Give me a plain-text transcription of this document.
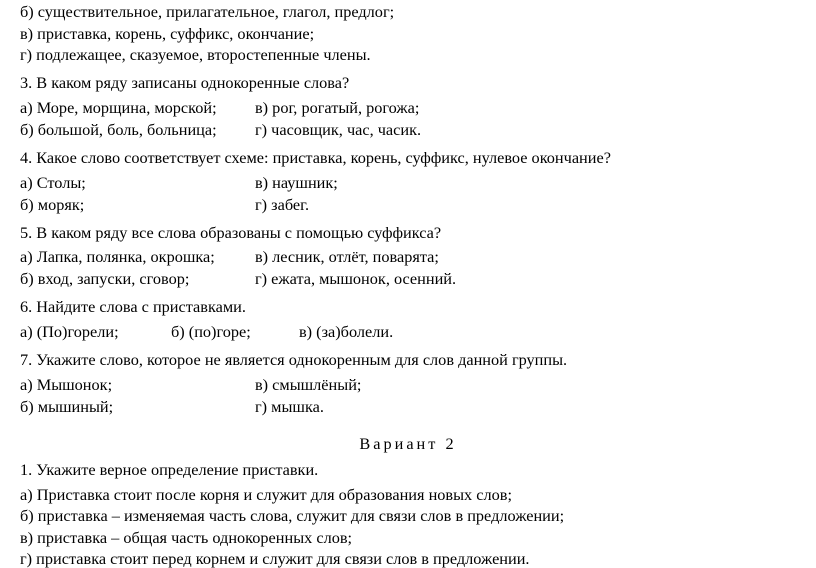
б) существительное, прилагательное, глагол, предлог;
в) приставка, корень, суффикс, окончание;
г) подлежащее, сказуемое, второстепенные члены.
3. В каком ряду записаны однокоренные слова?
а) Море, морщина, морской; в) рог, рогатый, рогожа;
б) большой, боль, больница; г) часовщик, час, часик.
4. Какое слово соответствует схеме: приставка, корень, суффикс, нулевое окончание?
а) Столы;	в) наушник;
б) моряк;	г) забег.
5. В каком ряду все слова образованы с помощью суффикса?
а) Лапка, полянка, окрошка; в) лесник, отлёт, поварята;
б) вход, запуски, сговор;	г) ежата, мышонок, осенний.
6. Найдите слова с приставками.
а) (По)горели;	б) (по)горе;	в) (за)болели.
7. Укажите слово, которое не является однокоренным для слов данной группы.
а) Мышонок;	в) смышлёный;
б) мышиный;	г) мышка.
Вариант 2
1. Укажите верное определение приставки.
а) Приставка стоит после корня и служит для образования новых слов;
б) приставка – изменяемая часть слова, служит для связи слов в предложении;
в) приставка – общая часть однокоренных слов;
г) приставка стоит перед корнем и служит для связи слов в предложении.
